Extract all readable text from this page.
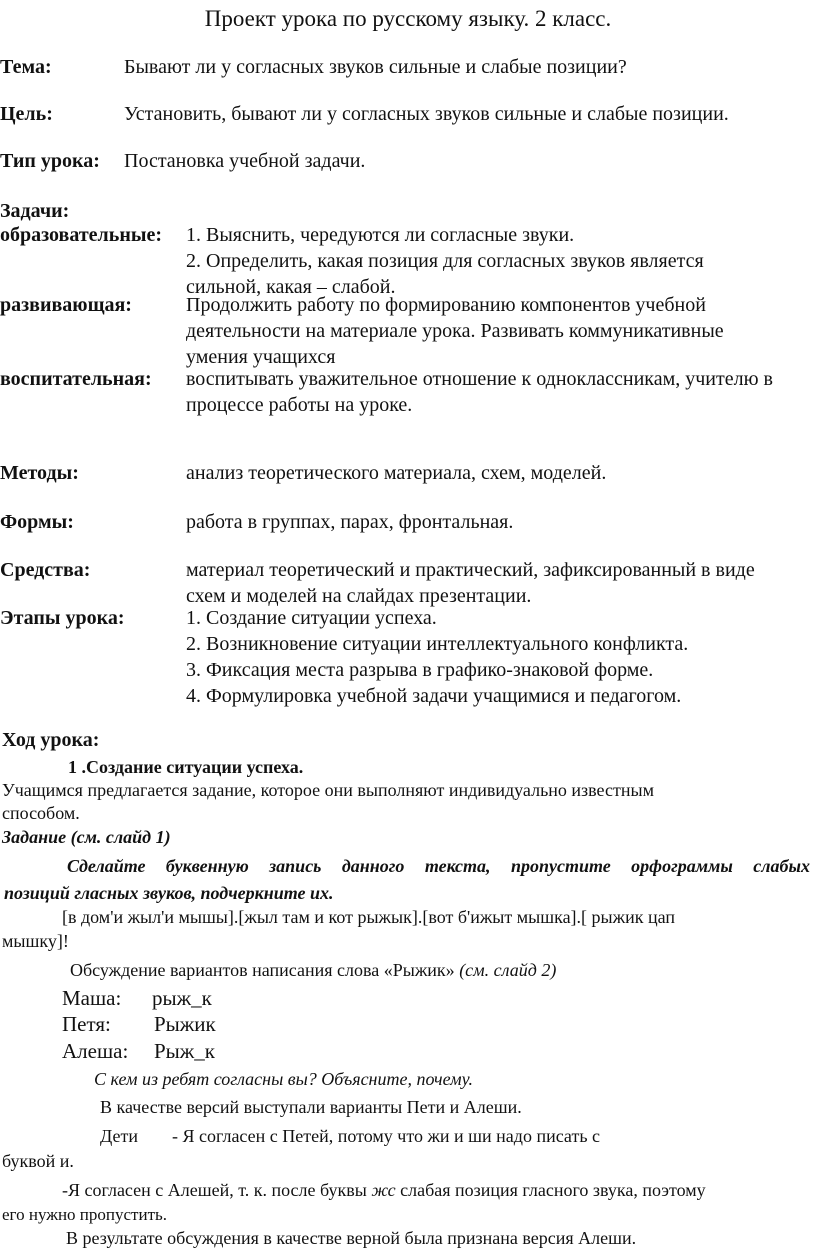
Проект урока по русскому языку. 2 класс.
Тема:	Бывают ли у согласных звуков сильные и слабые позиции?
Цель:	Установить, бывают ли у согласных звуков сильные и слабые позиции.
Тип урока: Постановка учебной задачи.
Задачи:
образовательные: 1. Выяснить, чередуются ли согласные звуки.
2. Определить, какая позиция для согласных звуков является
сильной, какая – слабой.
развивающая:	Продолжить работу по формированию компонентов учебной
деятельности на материале урока. Развивать коммуникативные
умения учащихся
воспитательная: воспитывать уважительное отношение к одноклассникам, учителю в
процессе работы на уроке.
Методы:	анализ теоретического материала, схем, моделей.
Формы:	работа в группах, парах, фронтальная.
Средства:	материал теоретический и практический, зафиксированный в виде
схем и моделей на слайдах презентации.
Этапы урока:	1. Создание ситуации успеха.
2. Возникновение ситуации интеллектуального конфликта.
3. Фиксация места разрыва в графико-знаковой форме.
4. Формулировка учебной задачи учащимися и педагогом.
Ход урока:
1 .Создание ситуации успеха.
Учащимся предлагается задание, которое они выполняют индивидуально известным
способом.
Задание (см. слайд 1)
Сделайте буквенную запись данного текста, пропустите орфограммы слабых
позиций гласных звуков, подчеркните их.
[в дом'и жыл'и мышы].[жыл там и кот рыжык].[вот б'ижыт мышка].[ рыжик цап
мышку]!
Обсуждение вариантов написания слова «Рыжик» (см. слайд 2)
Маша: рыж_к
Петя: Рыжик
Алеша: Рыж_к
С кем из ребят согласны вы? Объясните, почему.
В качестве версий выступали варианты Пети и Алеши.
Дети - Я согласен с Петей, потому что жи и ши надо писать с
буквой и.
-Я согласен с Алешей, т. к. после буквы жс слабая позиция гласного звука, поэтому
его нужно пропустить.
В результате обсуждения в качестве верной была признана версия Алеши.
